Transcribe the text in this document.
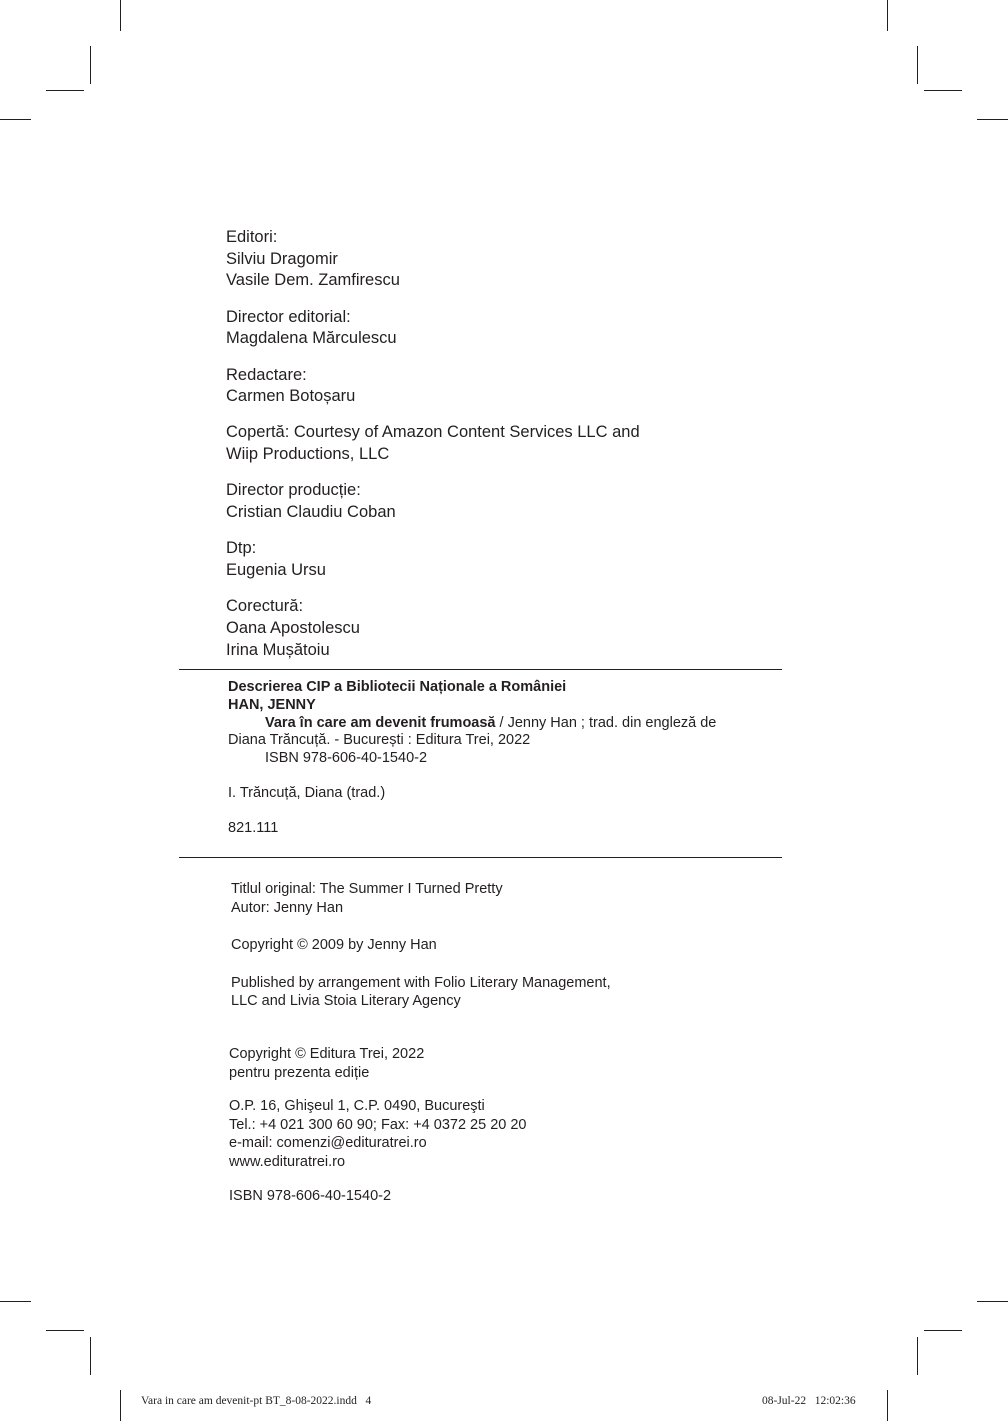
Editori:
Silviu Dragomir
Vasile Dem. Zamfirescu
Director editorial:
Magdalena Mărculescu
Redactare:
Carmen Botoșaru
Copertă: Courtesy of Amazon Content Services LLC and
Wiip Productions, LLC
Director producție:
Cristian Claudiu Coban
Dtp:
Eugenia Ursu
Corectură:
Oana Apostolescu
Irina Mușătoiu
Descrierea CIP a Bibliotecii Naționale a României
HAN, JENNY
Vara în care am devenit frumoasă / Jenny Han ; trad. din engleză de
Diana Trăncuță. - București : Editura Trei, 2022
ISBN 978-606-40-1540-2
I. Trăncuță, Diana (trad.)
821.111
Titlul original: The Summer I Turned Pretty
Autor: Jenny Han
Copyright © 2009 by Jenny Han
Published by arrangement with Folio Literary Management,
LLC and Livia Stoia Literary Agency
Copyright © Editura Trei, 2022
pentru prezenta ediție
O.P. 16, Ghişeul 1, C.P. 0490, Bucureşti
Tel.: +4 021 300 60 90; Fax: +4 0372 25 20 20
e-mail: comenzi@edituratrei.ro
www.edituratrei.ro
ISBN 978-606-40-1540-2
Vara in care am devenit-pt BT_8-08-2022.indd   4	08-Jul-22   12:02:36
